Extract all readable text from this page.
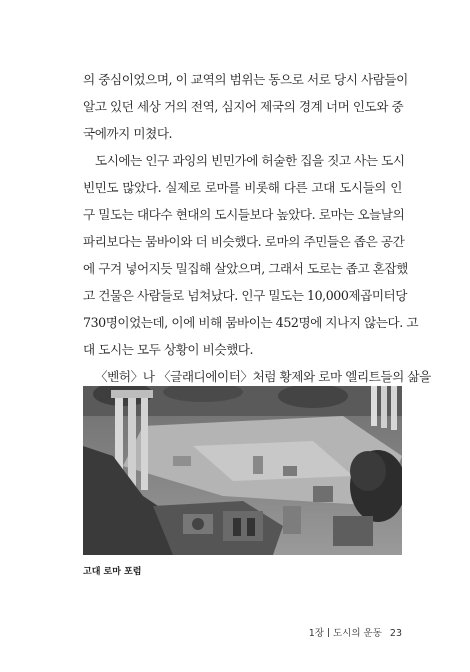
의 중심이었으며, 이 교역의 범위는 동으로 서로 당시 사람들이
알고 있던 세상 거의 전역, 심지어 제국의 경계 너머 인도와 중
국에까지 미쳤다.
도시에는 인구 과잉의 빈민가에 허술한 집을 짓고 사는 도시
빈민도 많았다. 실제로 로마를 비롯해 다른 고대 도시들의 인
구 밀도는 대다수 현대의 도시들보다 높았다. 로마는 오늘날의
파리보다는 뭄바이와 더 비슷했다. 로마의 주민들은 좁은 공간
에 구겨 넣어지듯 밀집해 살았으며, 그래서 도로는 좁고 혼잡했
고 건물은 사람들로 넘쳐났다. 인구 밀도는 10,000제곱미터당
730명이었는데, 이에 비해 뭄바이는 452명에 지나지 않는다. 고
대 도시는 모두 상황이 비슷했다.
〈벤허〉나 〈글래디에이터〉처럼 황제와 로마 엘리트들의 삶을
고대 로마 포럼
1장 도시의 운동 23
